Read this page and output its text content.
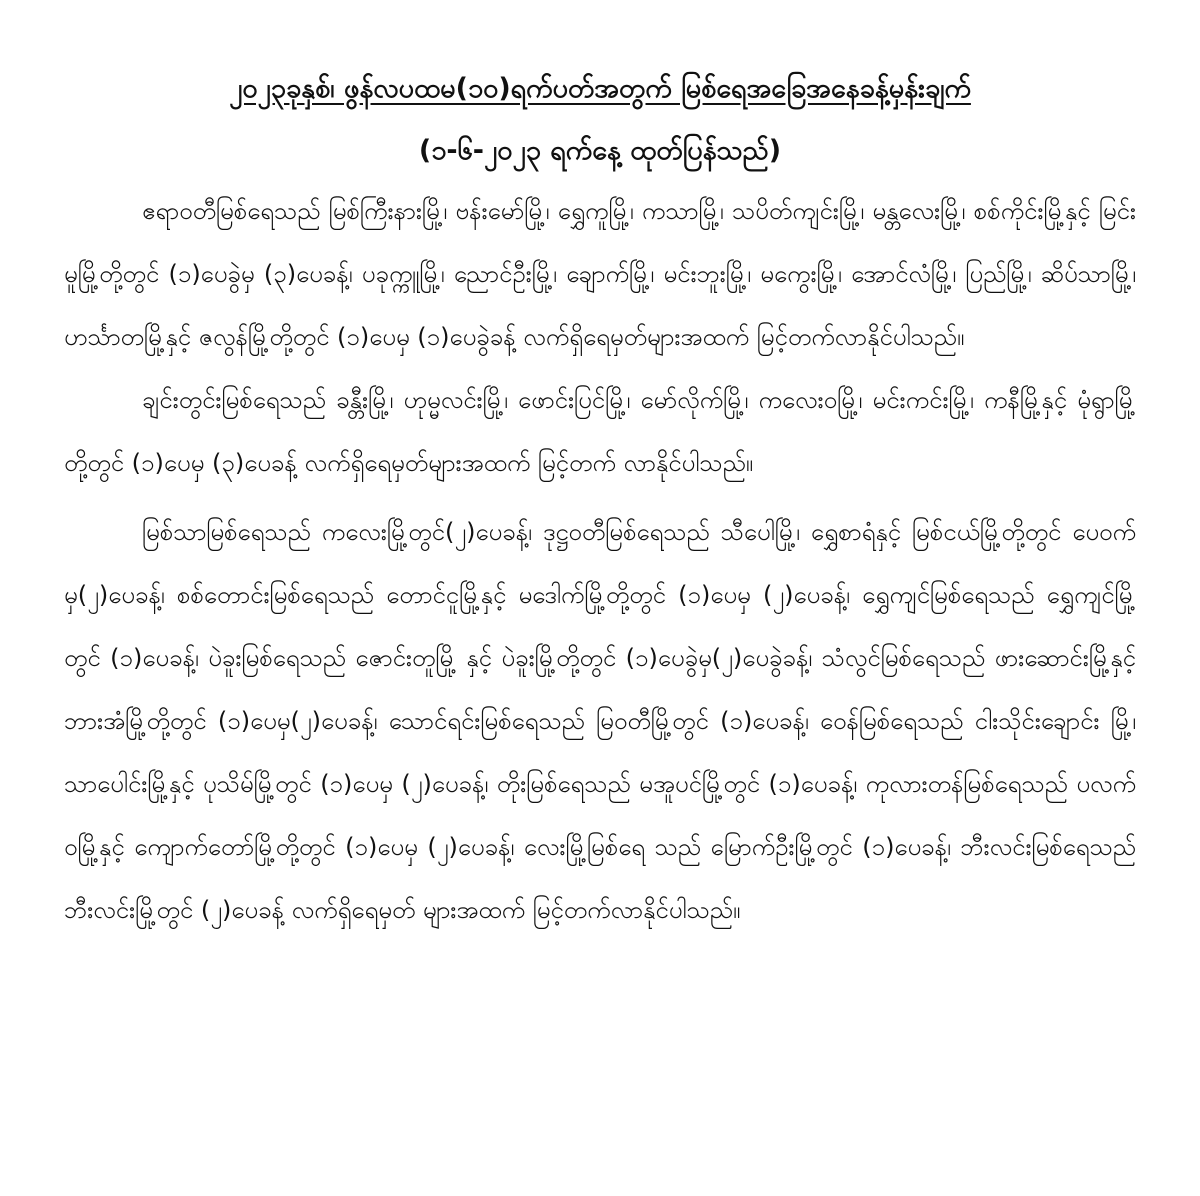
၂၀၂၃ခုနှစ်၊ ဖွန်လပထမ(၁၀)ရက်ပတ်အတွက် မြစ်ရေအခြေအနေခန့်မှန်းချက်
(၁-၆-၂၀၂၃ ရက်နေ့ ထုတ်ပြန်သည်)

ဧရာဝတီမြစ်ရေသည် မြစ်ကြီးနားမြို့၊ ဗန်းမော်မြို့၊ ရွှေကူမြို့၊ ကသာမြို့၊ သပိတ်ကျင်းမြို့၊ မန္တလေးမြို့၊ စစ်ကိုင်းမြို့နှင့် မြင်းမူမြို့တို့တွင် (၁)ပေခွဲမှ (၃)ပေခန့်၊ ပခုက္ကူမြို့၊ ညောင်ဦးမြို့၊ ချောက်မြို့၊ မင်းဘူးမြို့၊ မကွေးမြို့၊ အောင်လံမြို့၊ ပြည်မြို့၊ ဆိပ်သာမြို့၊ ဟင်္သာတမြို့နှင့် ဇလွန်မြို့တို့တွင် (၁)ပေမှ (၁)ပေခွဲခန့် လက်ရှိရေမှတ်များအထက် မြင့်တက်လာနိုင်ပါသည်။

ချင်းတွင်းမြစ်ရေသည် ခန္တီးမြို့၊ ဟုမ္မလင်းမြို့၊ ဖောင်းပြင်မြို့၊ မော်လိုက်မြို့၊ ကလေးဝမြို့၊ မင်းကင်းမြို့၊ ကနီမြို့နှင့် မုံရွာမြို့တို့တွင် (၁)ပေမှ (၃)ပေခန့် လက်ရှိရေမှတ်များအထက် မြင့်တက် လာနိုင်ပါသည်။

မြစ်သာမြစ်ရေသည် ကလေးမြို့တွင်(၂)ပေခန့်၊ ဒုဋ္ဌဝတီမြစ်ရေသည် သီပေါမြို့၊ ရွှေစာရံနှင့် မြစ်ငယ်မြို့တို့တွင် ပေဝက်မှ(၂)ပေခန့်၊ စစ်တောင်းမြစ်ရေသည် တောင်ငူမြို့နှင့် မဒေါက်မြို့တို့တွင် (၁)ပေမှ (၂)ပေခန့်၊ ရွှေကျင်မြစ်ရေသည် ရွှေကျင်မြို့တွင် (၁)ပေခန့်၊ ပဲခူးမြစ်ရေသည် ဇောင်းတူမြို့ နှင့် ပဲခူးမြို့တို့တွင် (၁)ပေခွဲမှ(၂)ပေခွဲခန့်၊ သံလွင်မြစ်ရေသည် ဖားဆောင်းမြို့နှင့် ဘားအံမြို့တို့တွင် (၁)ပေမှ(၂)ပေခန့်၊ သောင်ရင်းမြစ်ရေသည် မြဝတီမြို့တွင် (၁)ပေခန့်၊ ဝေန်မြစ်ရေသည် ငါးသိုင်းချောင်း မြို့၊ သာပေါင်းမြို့နှင့် ပုသိမ်မြို့တွင် (၁)ပေမှ (၂)ပေခန့်၊ တိုးမြစ်ရေသည် မအူပင်မြို့တွင် (၁)ပေခန့်၊ ကုလားတန်မြစ်ရေသည် ပလက်ဝမြို့နှင့် ကျောက်တော်မြို့တို့တွင် (၁)ပေမှ (၂)ပေခန့်၊ လေးမြို့မြစ်ရေ သည် မြောက်ဦးမြို့တွင် (၁)ပေခန့်၊ ဘီးလင်းမြစ်ရေသည် ဘီးလင်းမြို့တွင် (၂)ပေခန့် လက်ရှိရေမှတ် များအထက် မြင့်တက်လာနိုင်ပါသည်။
